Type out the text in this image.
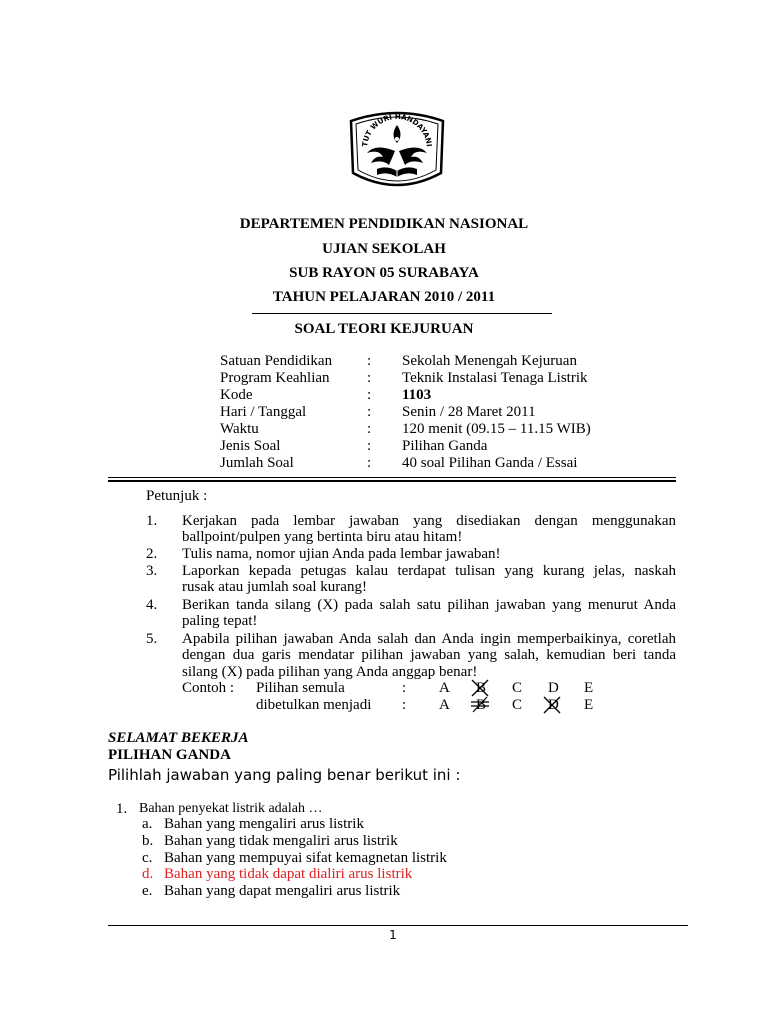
TUT WURI HANDAYANI
DEPARTEMEN PENDIDIKAN NASIONAL
UJIAN SEKOLAH
SUB RAYON 05 SURABAYA
TAHUN PELAJARAN 2010 / 2011
SOAL TEORI KEJURUAN
Satuan Pendidikan : Sekolah Menengah Kejuruan
Program Keahlian : Teknik Instalasi Tenaga Listrik
Kode	: 1103
Hari / Tanggal	: Senin / 28 Maret 2011
Waktu	: 120 menit (09.15 – 11.15 WIB)
Jenis Soal	: Pilihan Ganda
Jumlah Soal	: 40 soal Pilihan Ganda / Essai
Petunjuk :
1. Kerjakan pada lembar jawaban yang disediakan dengan menggunakan
ballpoint/pulpen yang bertinta biru atau hitam!
2. Tulis nama, nomor ujian Anda pada lembar jawaban!
3. Laporkan kepada petugas kalau terdapat tulisan yang kurang jelas, naskah
rusak atau jumlah soal kurang!
4. Berikan tanda silang (X) pada salah satu pilihan jawaban yang menurut Anda
paling tepat!
5. Apabila pilihan jawaban Anda salah dan Anda ingin memperbaikinya, coretlah
dengan dua garis mendatar pilihan jawaban yang salah, kemudian beri tanda
silang (X) pada pilihan yang Anda anggap benar!
Contoh : Pilihan semula	: A B C D E
dibetulkan menjadi : A B C D E
SELAMAT BEKERJA
PILIHAN GANDA
Pilihlah jawaban yang paling benar berikut ini :
1. Bahan penyekat listrik adalah …
a. Bahan yang mengaliri arus listrik
b. Bahan yang tidak mengaliri arus listrik
c. Bahan yang mempuyai sifat kemagnetan listrik
d. Bahan yang tidak dapat dialiri arus listrik
e. Bahan yang dapat mengaliri arus listrik
1
